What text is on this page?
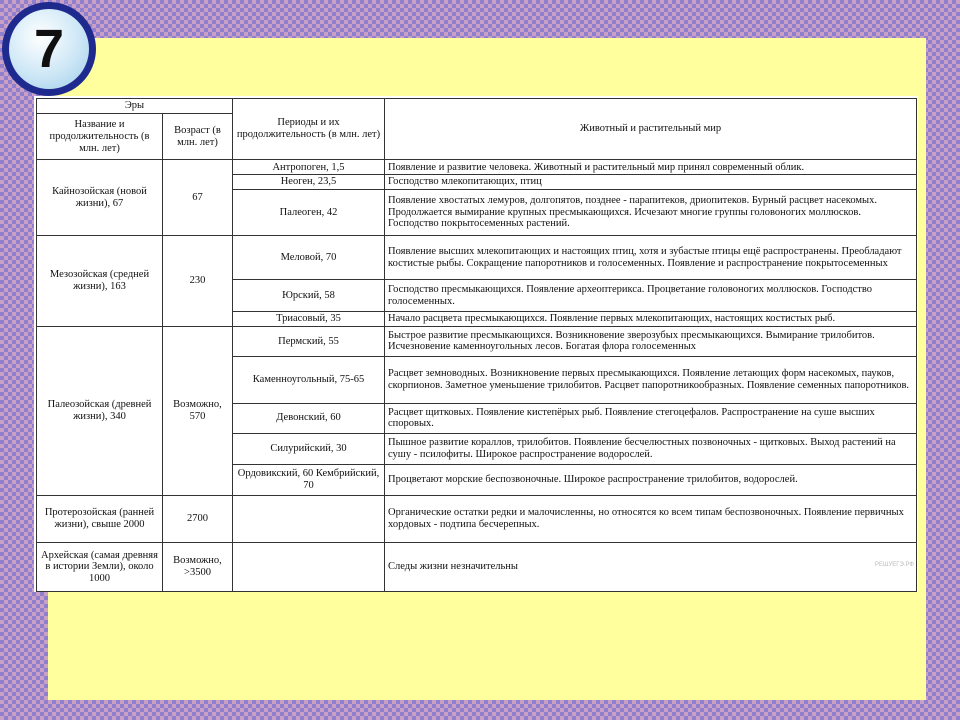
7
Эры		Периоды и их продолжительность (в млн. лет)	Животный и растительный мир
Название и продолжительность (в млн. лет)	Возраст (в млн. лет)		
Кайнозойская (новой жизни), 67	67	Антропоген, 1,5	Появление и развитие человека. Животный и растительный мир принял современный облик.
		Неоген, 23,5	Господство млекопитающих, птиц
		Палеоген, 42	Появление хвостатых лемуров, долгопятов, позднее - парапитеков, дриопитеков. Бурный расцвет насекомых. Продолжается вымирание крупных пресмыкающихся. Исчезают многие группы головоногих моллюсков. Господство покрытосеменных растений.
Мезозойская (средней жизни), 163	230	Меловой, 70	Появление высших млекопитающих и настоящих птиц, хотя и зубастые птицы ещё распространены. Преобладают костистые рыбы. Сокращение папоротников и голосеменных. Появление и распространение покрытосеменных
		Юрский, 58	Господство пресмыкающихся. Появление археоптерикса. Процветание головоногих моллюсков. Господство голосеменных.
		Триасовый, 35	Начало расцвета пресмыкающихся. Появление первых млекопитающих, настоящих костистых рыб.
Палеозойская (древней жизни), 340	Возможно, 570	Пермский, 55	Быстрое развитие пресмыкающихся. Возникновение зверозубых пресмыкающихся. Вымирание трилобитов. Исчезновение каменноугольных лесов. Богатая флора голосеменных
		Каменноугольный, 75-65	Расцвет земноводных. Возникновение первых пресмыкающихся. Появление летающих форм насекомых, пауков, скорпионов. Заметное уменьшение трилобитов. Расцвет папоротникообразных. Появление семенных папоротников.
		Девонский, 60	Расцвет щитковых. Появление кистепёрых рыб. Появление стегоцефалов. Распространение на суше высших споровых.
		Силурийский, 30	Пышное развитие кораллов, трилобитов. Появление бесчелюстных позвоночных - щитковых. Выход растений на сушу - псилофиты. Широкое распространение водорослей.
		Ордовикский, 60 Кембрийский, 70	Процветают морские беспозвоночные. Широкое распространение трилобитов, водорослей.
Протерозойская (ранней жизни), свыше 2000	2700		Органические остатки редки и малочисленны, но относятся ко всем типам беспозвоночных. Появление первичных хордовых - подтипа бесчерепных.
Архейская (самая древняя в истории Земли), около 1000	Возможно, >3500		Следы жизни незначительны	РЕШУЕГЭ.РФ
